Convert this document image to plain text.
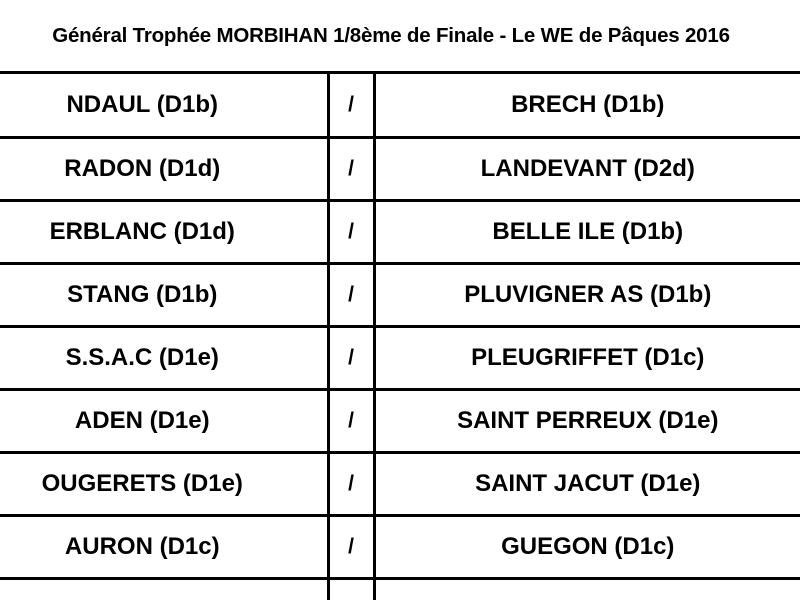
Général Trophée MORBIHAN 1/8ème de Finale - Le WE de Pâques 2016
NDAUL (D1b)	/	BRECH (D1b)

RADON (D1d)	/	LANDEVANT (D2d)

ERBLANC (D1d)	/	BELLE ILE (D1b)

STANG (D1b)	/	PLUVIGNER AS (D1b)

S.S.A.C (D1e)	/	PLEUGRIFFET (D1c)

ADEN (D1e)	/	SAINT PERREUX (D1e)

OUGERETS (D1e)	/	SAINT JACUT (D1e)

AURON (D1c)	/	GUEGON (D1c)
